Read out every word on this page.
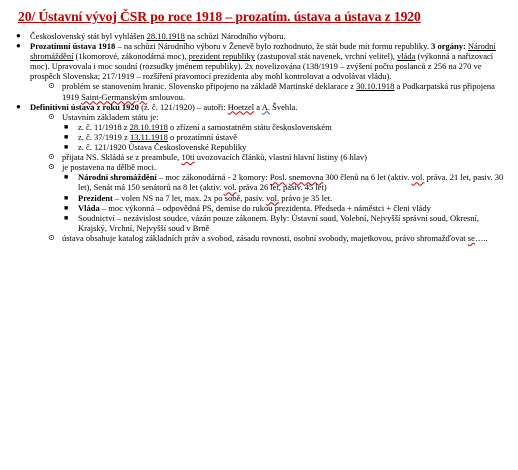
20/ Ústavní vývoj ČSR po roce 1918 – prozatím. ústava a ústava z 1920
● Československý stát byl vyhlášen 28.10.1918 na schůzi Národního výboru.
● Prozatímní ústava 1918 – na schůzi Národního výboru v Ženevě bylo rozhodnuto, že stát bude mít formu republiky. 3 orgány: Národní shromáždění (1komorové, zákonodárná moc), prezident republiky (zastupoval stát navenek, vrchní velitel), vláda (výkonná a nařizovací moc). Upravovala i moc soudní (rozsudky jménem republiky). 2x novelizována (138/1919 – zvýšení počtu poslanců z 256 na 270 ve prospěch Slovenska; 217/1919 – rozšíření pravomocí prezidenta aby mohl kontrolovat a odvolávat vládu).
⊙ problém se stanovením hranic. Slovensko připojeno na základě Martinské deklarace z 30.10.1918 a Podkarpatská rus připojena 1919 Saint-Germanským smlouvou.
● Definitivní ústava z roku 1920 (z. č. 121/1920) – autoři: Hoetzel a A. Švehla.
⊙ Ustavním základem státu je:
■ z. č. 11/1918 z 28.10.1918 o zřízení a samostatném státu československém
■ z. č. 37/1919 z 13.11.1918 o prozatímní ústavě
■ z. č. 121/1920 Ústava Československé Republiky
⊙ přijata NS. Skládá se z preambule, 10ti uvozovacích článků, vlastní hlavní listiny (6 hlav)
⊙ je postavena na dělbě moci.
■ Národní shromáždění – moc zákonodárná - 2 komory: Posl. snemovna 300 členů na 6 let (aktiv. vol. práva. 21 let, pasiv. 30 let), Senát má 150 senátorů na 8 let (aktiv. vol. práva 26 let, pasiv. 45 let)
■ Prezident – volen NS na 7 let, max. 2x po sobě, pasiv. vol. právo je 35 let.
■ Vláda – moc výkonná – odpovědná PS, demise do rukou prezidenta. Předseda + náměstci + členi vlády
■ Soudnictví – nezávislost soudce, vázán pouze zákonem. Byly: Ústavní soud, Volební, Nejvyšší správní soud, Okresní, Krajský, Vrchní, Nejvyšší soud v Brně
⊙ ústava obsahuje katalog základních práv a svobod, zásadu rovnosti, osobní svobody, majetkovou, právo shromažďovat se…..
